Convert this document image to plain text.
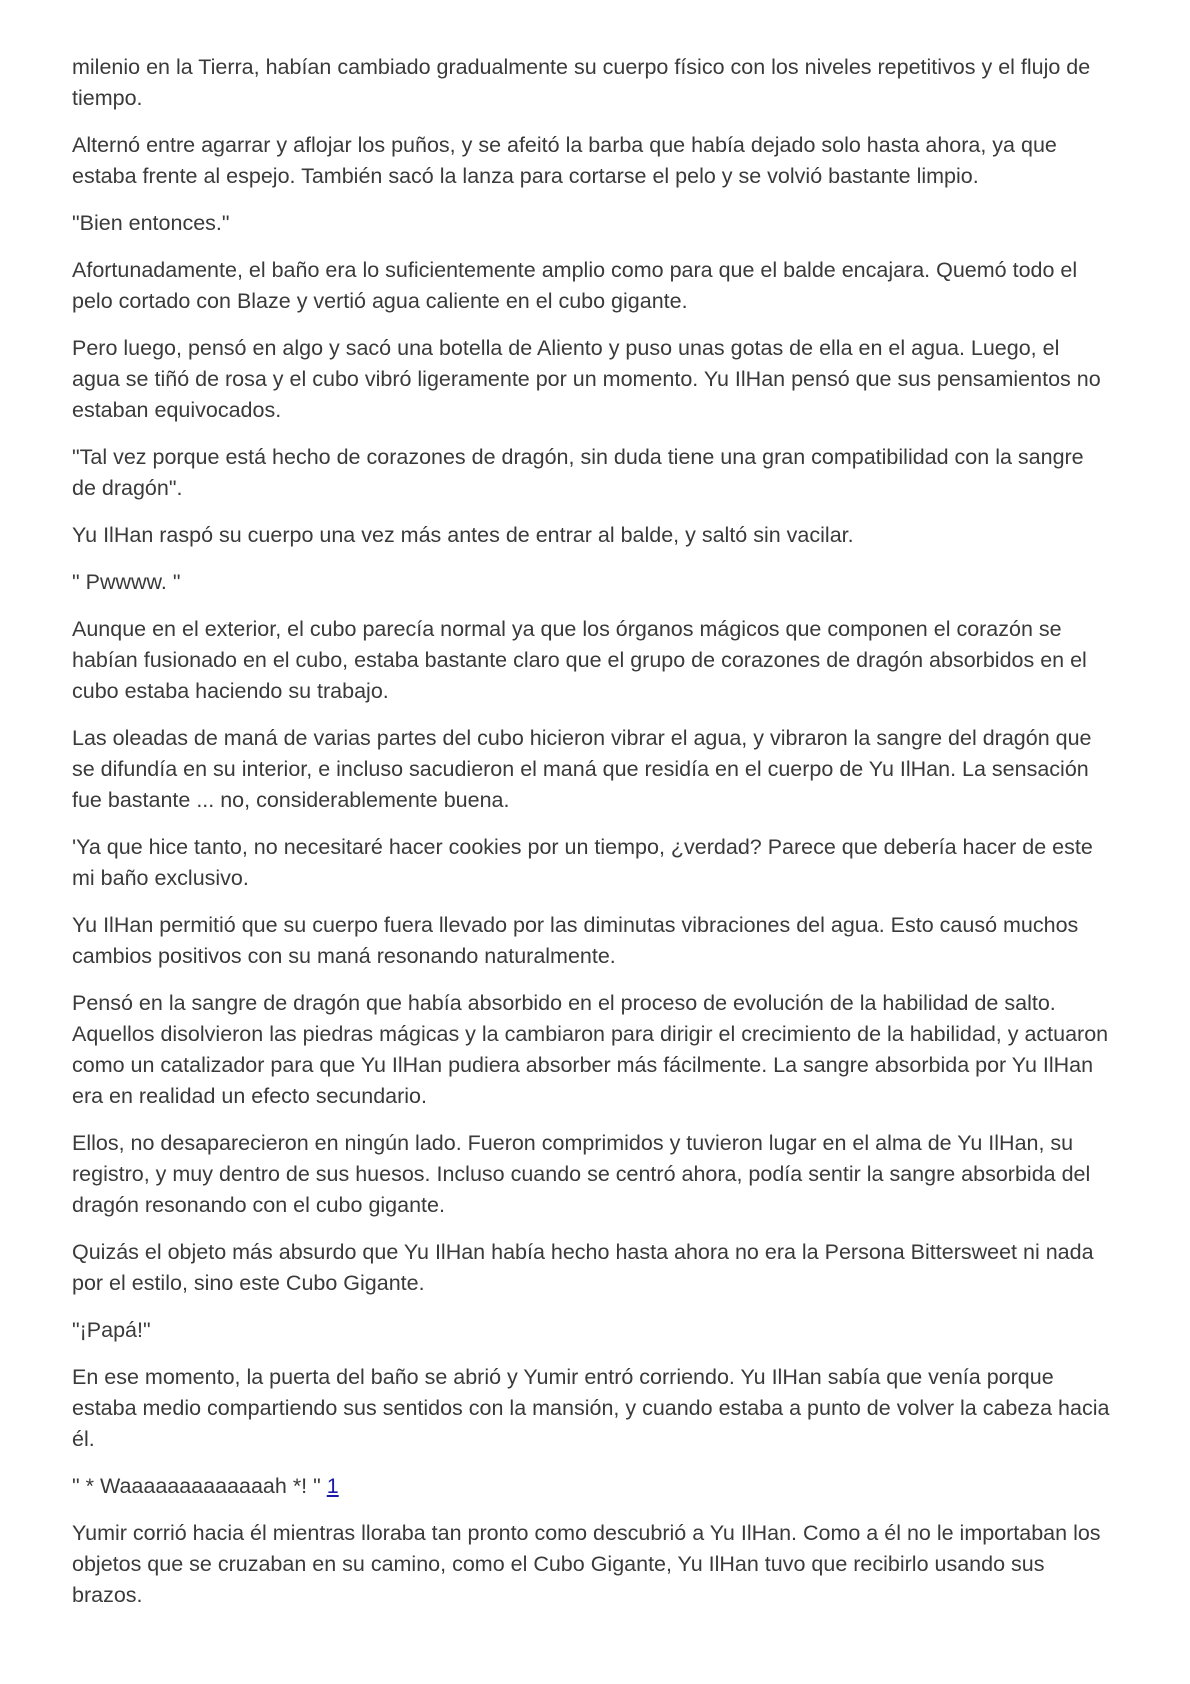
milenio en la Tierra, habían cambiado gradualmente su cuerpo físico con los niveles repetitivos y el flujo de tiempo.

Alternó entre agarrar y aflojar los puños, y se afeitó la barba que había dejado solo hasta ahora, ya que estaba frente al espejo. También sacó la lanza para cortarse el pelo y se volvió bastante limpio.

"Bien entonces."

Afortunadamente, el baño era lo suficientemente amplio como para que el balde encajara. Quemó todo el pelo cortado con Blaze y vertió agua caliente en el cubo gigante.

Pero luego, pensó en algo y sacó una botella de Aliento y puso unas gotas de ella en el agua. Luego, el agua se tiñó de rosa y el cubo vibró ligeramente por un momento. Yu IlHan pensó que sus pensamientos no estaban equivocados.

"Tal vez porque está hecho de corazones de dragón, sin duda tiene una gran compatibilidad con la sangre de dragón".

Yu IlHan raspó su cuerpo una vez más antes de entrar al balde, y saltó sin vacilar.

" Pwwww. "

Aunque en el exterior, el cubo parecía normal ya que los órganos mágicos que componen el corazón se habían fusionado en el cubo, estaba bastante claro que el grupo de corazones de dragón absorbidos en el cubo estaba haciendo su trabajo.

Las oleadas de maná de varias partes del cubo hicieron vibrar el agua, y vibraron la sangre del dragón que se difundía en su interior, e incluso sacudieron el maná que residía en el cuerpo de Yu IlHan. La sensación fue bastante ... no, considerablemente buena.

'Ya que hice tanto, no necesitaré hacer cookies por un tiempo, ¿verdad? Parece que debería hacer de este mi baño exclusivo.

Yu IlHan permitió que su cuerpo fuera llevado por las diminutas vibraciones del agua. Esto causó muchos cambios positivos con su maná resonando naturalmente.

Pensó en la sangre de dragón que había absorbido en el proceso de evolución de la habilidad de salto. Aquellos disolvieron las piedras mágicas y la cambiaron para dirigir el crecimiento de la habilidad, y actuaron como un catalizador para que Yu IlHan pudiera absorber más fácilmente. La sangre absorbida por Yu IlHan era en realidad un efecto secundario.

Ellos, no desaparecieron en ningún lado. Fueron comprimidos y tuvieron lugar en el alma de Yu IlHan, su registro, y muy dentro de sus huesos. Incluso cuando se centró ahora, podía sentir la sangre absorbida del dragón resonando con el cubo gigante.

Quizás el objeto más absurdo que Yu IlHan había hecho hasta ahora no era la Persona Bittersweet ni nada por el estilo, sino este Cubo Gigante.

"¡Papá!"

En ese momento, la puerta del baño se abrió y Yumir entró corriendo. Yu IlHan sabía que venía porque estaba medio compartiendo sus sentidos con la mansión, y cuando estaba a punto de volver la cabeza hacia él.

" * Waaaaaaaaaaaaah *! " 1

Yumir corrió hacia él mientras lloraba tan pronto como descubrió a Yu IlHan. Como a él no le importaban los objetos que se cruzaban en su camino, como el Cubo Gigante, Yu IlHan tuvo que recibirlo usando sus brazos.
